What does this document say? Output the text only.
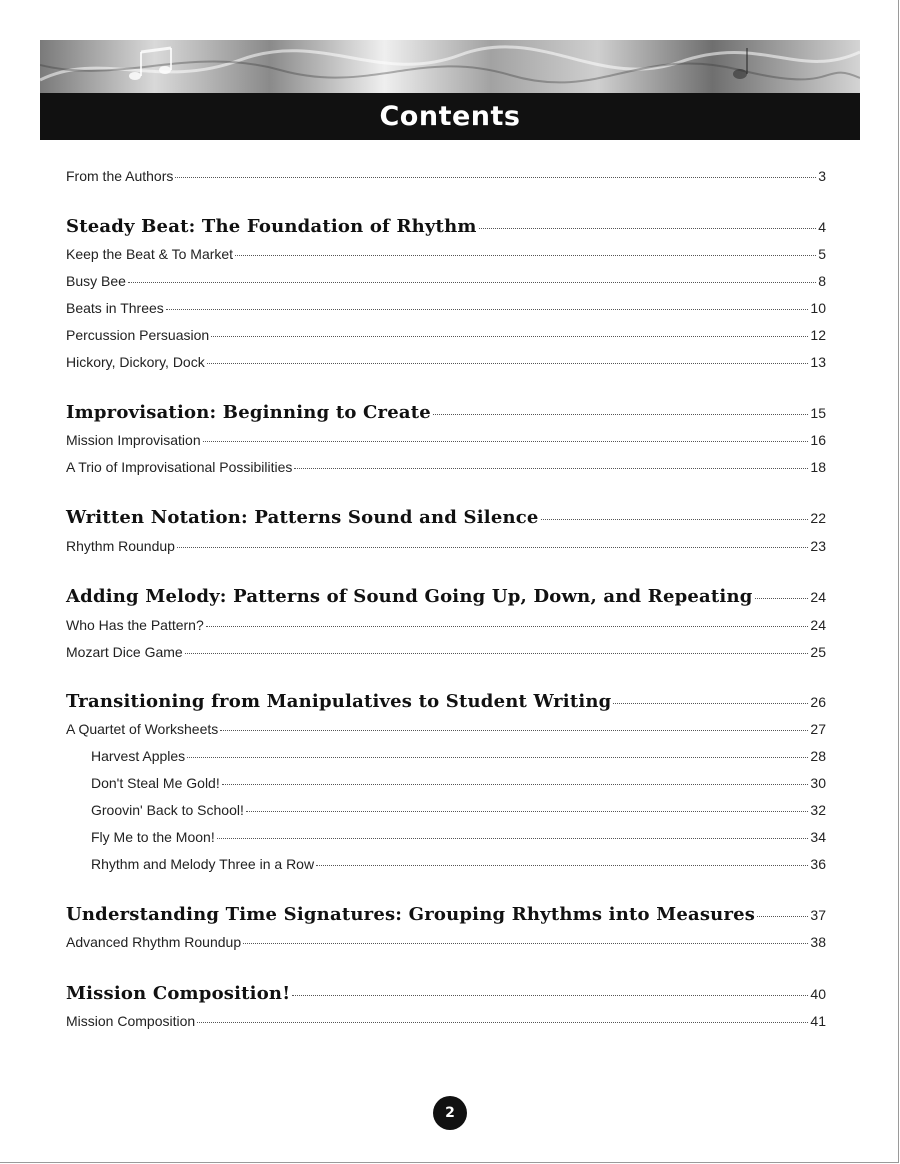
Contents
From the Authors	3
Steady Beat: The Foundation of Rhythm	4
Keep the Beat & To Market	5
Busy Bee	8
Beats in Threes	10
Percussion Persuasion	12
Hickory, Dickory, Dock	13
Improvisation: Beginning to Create	15
Mission Improvisation	16
A Trio of Improvisational Possibilities	18
Written Notation: Patterns Sound and Silence	22
Rhythm Roundup	23
Adding Melody: Patterns of Sound Going Up, Down, and Repeating	24
Who Has the Pattern?	24
Mozart Dice Game	25
Transitioning from Manipulatives to Student Writing	26
A Quartet of Worksheets	27
Harvest Apples	28
Don't Steal Me Gold!	30
Groovin' Back to School!	32
Fly Me to the Moon!	34
Rhythm and Melody Three in a Row	36
Understanding Time Signatures: Grouping Rhythms into Measures	37
Advanced Rhythm Roundup	38
Mission Composition!	40
Mission Composition	41
2
